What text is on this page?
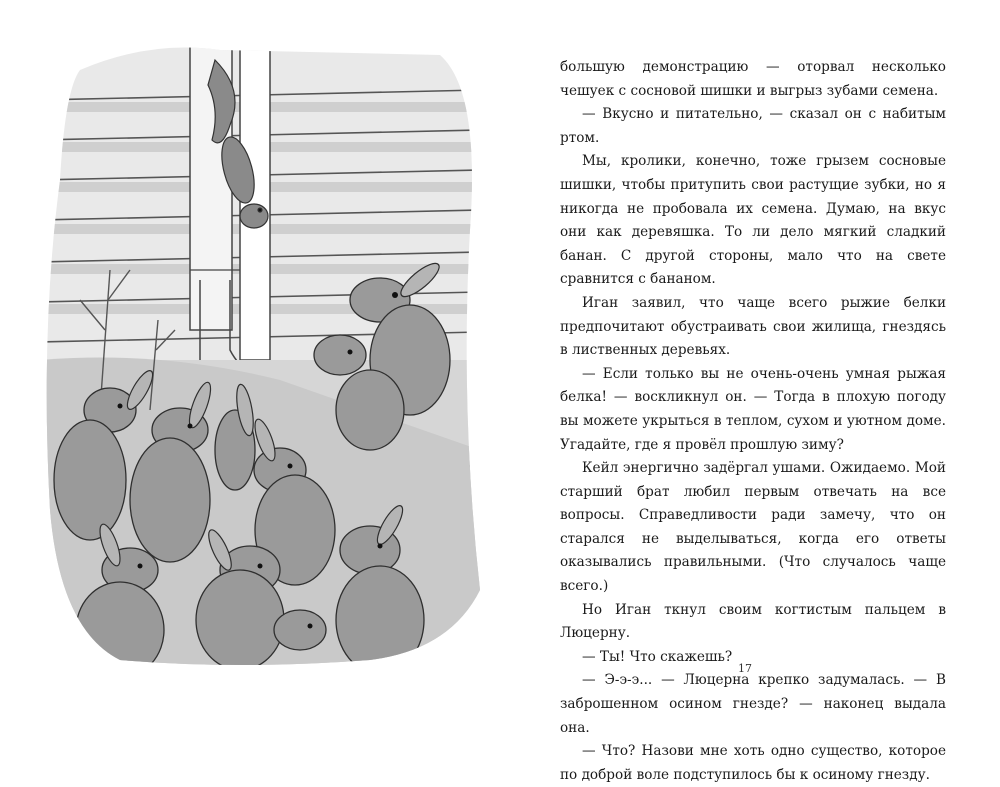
большую демонстрацию — оторвал несколько чешуек с сосновой шишки и выгрыз зубами семена.

— Вкусно и питательно, — сказал он с набитым ртом.

Мы, кролики, конечно, тоже грызем сосновые шишки, чтобы притупить свои растущие зубки, но я никогда не пробовала их семена. Думаю, на вкус они как деревяшка. То ли дело мягкий сладкий банан. С другой стороны, мало что на свете сравнится с бананом.

Иган заявил, что чаще всего рыжие белки предпочитают обустраивать свои жилища, гнездясь в лиственных деревьях.

— Если только вы не очень-очень умная рыжая белка! — воскликнул он. — Тогда в плохую погоду вы можете укрыться в теплом, сухом и уютном доме. Угадайте, где я провёл прошлую зиму?

Кейл энергично задёргал ушами. Ожидаемо. Мой старший брат любил первым отвечать на все вопросы. Справедливости ради замечу, что он старался не выделываться, когда его ответы оказывались правильными. (Что случалось чаще всего.)

Но Иган ткнул своим когтистым пальцем в Люцерну.

— Ты! Что скажешь?

— Э-э-э... — Люцерна крепко задумалась. — В заброшенном осином гнезде? — наконец выдала она.

— Что? Назови мне хоть одно существо, которое по доброй воле подступилось бы к осиному гнезду.

17
